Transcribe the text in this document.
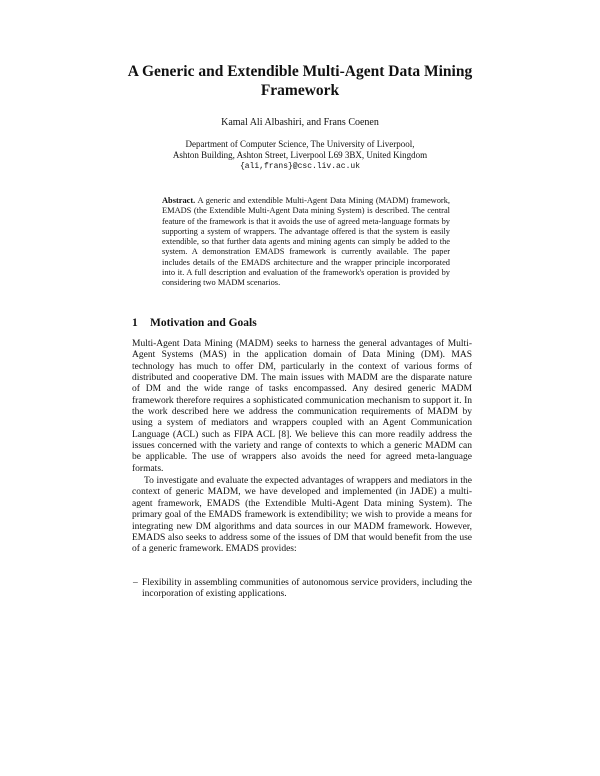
A Generic and Extendible Multi-Agent Data Mining Framework
Kamal Ali Albashiri, and Frans Coenen
Department of Computer Science, The University of Liverpool,
Ashton Building, Ashton Street, Liverpool L69 3BX, United Kingdom
{ali,frans}@csc.liv.ac.uk
Abstract. A generic and extendible Multi-Agent Data Mining (MADM) framework, EMADS (the Extendible Multi-Agent Data mining System) is described. The central feature of the framework is that it avoids the use of agreed meta-language formats by supporting a system of wrappers. The advantage offered is that the system is easily extendible, so that further data agents and mining agents can simply be added to the system. A demonstration EMADS framework is currently available. The paper includes details of the EMADS architecture and the wrapper principle incorporated into it. A full description and evaluation of the framework's operation is provided by considering two MADM scenarios.
1 Motivation and Goals

Multi-Agent Data Mining (MADM) seeks to harness the general advantages of Multi-Agent Systems (MAS) in the application domain of Data Mining (DM). MAS technology has much to offer DM, particularly in the context of various forms of distributed and cooperative DM. The main issues with MADM are the disparate nature of DM and the wide range of tasks encompassed. Any desired generic MADM framework therefore requires a sophisticated communication mechanism to support it. In the work described here we address the communication requirements of MADM by using a system of mediators and wrappers coupled with an Agent Communication Language (ACL) such as FIPA ACL [8]. We believe this can more readily address the issues concerned with the variety and range of contexts to which a generic MADM can be applicable. The use of wrappers also avoids the need for agreed meta-language formats.

To investigate and evaluate the expected advantages of wrappers and mediators in the context of generic MADM, we have developed and implemented (in JADE) a multi-agent framework, EMADS (the Extendible Multi-Agent Data mining System). The primary goal of the EMADS framework is extendibility; we wish to provide a means for integrating new DM algorithms and data sources in our MADM framework. However, EMADS also seeks to address some of the issues of DM that would benefit from the use of a generic framework. EMADS provides:

– Flexibility in assembling communities of autonomous service providers, including the incorporation of existing applications.
